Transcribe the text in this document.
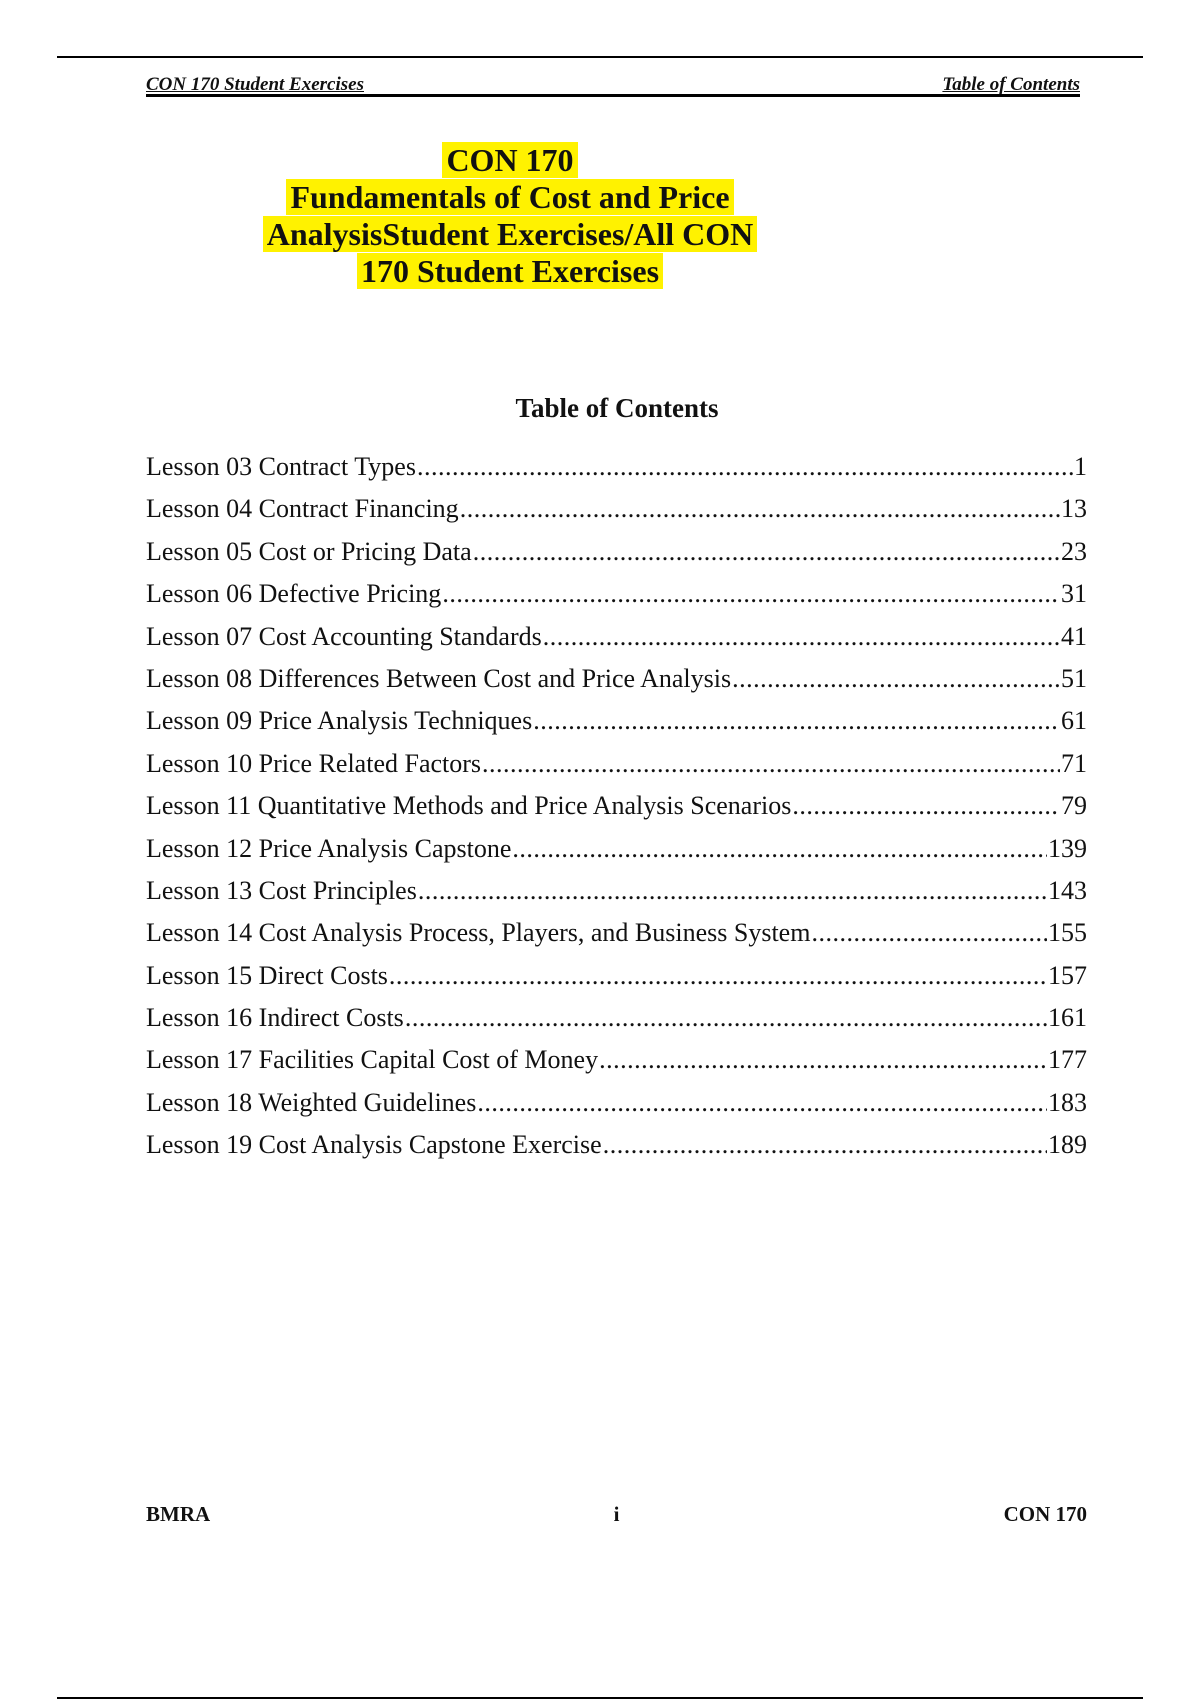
CON 170 Student Exercises	Table of Contents
CON 170
Fundamentals of Cost and Price
AnalysisStudent Exercises/All CON
170 Student Exercises
Table of Contents
Lesson 03 Contract Types .....	1
Lesson 04 Contract Financing .....	13
Lesson 05 Cost or Pricing Data .....	23
Lesson 06 Defective Pricing .....	31
Lesson 07 Cost Accounting Standards .....	41
Lesson 08 Differences Between Cost and Price Analysis .....	51
Lesson 09 Price Analysis Techniques .....	61
Lesson 10 Price Related Factors .....	71
Lesson 11 Quantitative Methods and Price Analysis Scenarios .....	79
Lesson 12 Price Analysis Capstone .....	139
Lesson 13 Cost Principles .....	143
Lesson 14 Cost Analysis Process, Players, and Business System .....	155
Lesson 15 Direct Costs .....	157
Lesson 16 Indirect Costs .....	161
Lesson 17 Facilities Capital Cost of Money .....	177
Lesson 18 Weighted Guidelines .....	183
Lesson 19 Cost Analysis Capstone Exercise .....	189
BMRA	i	CON 170
